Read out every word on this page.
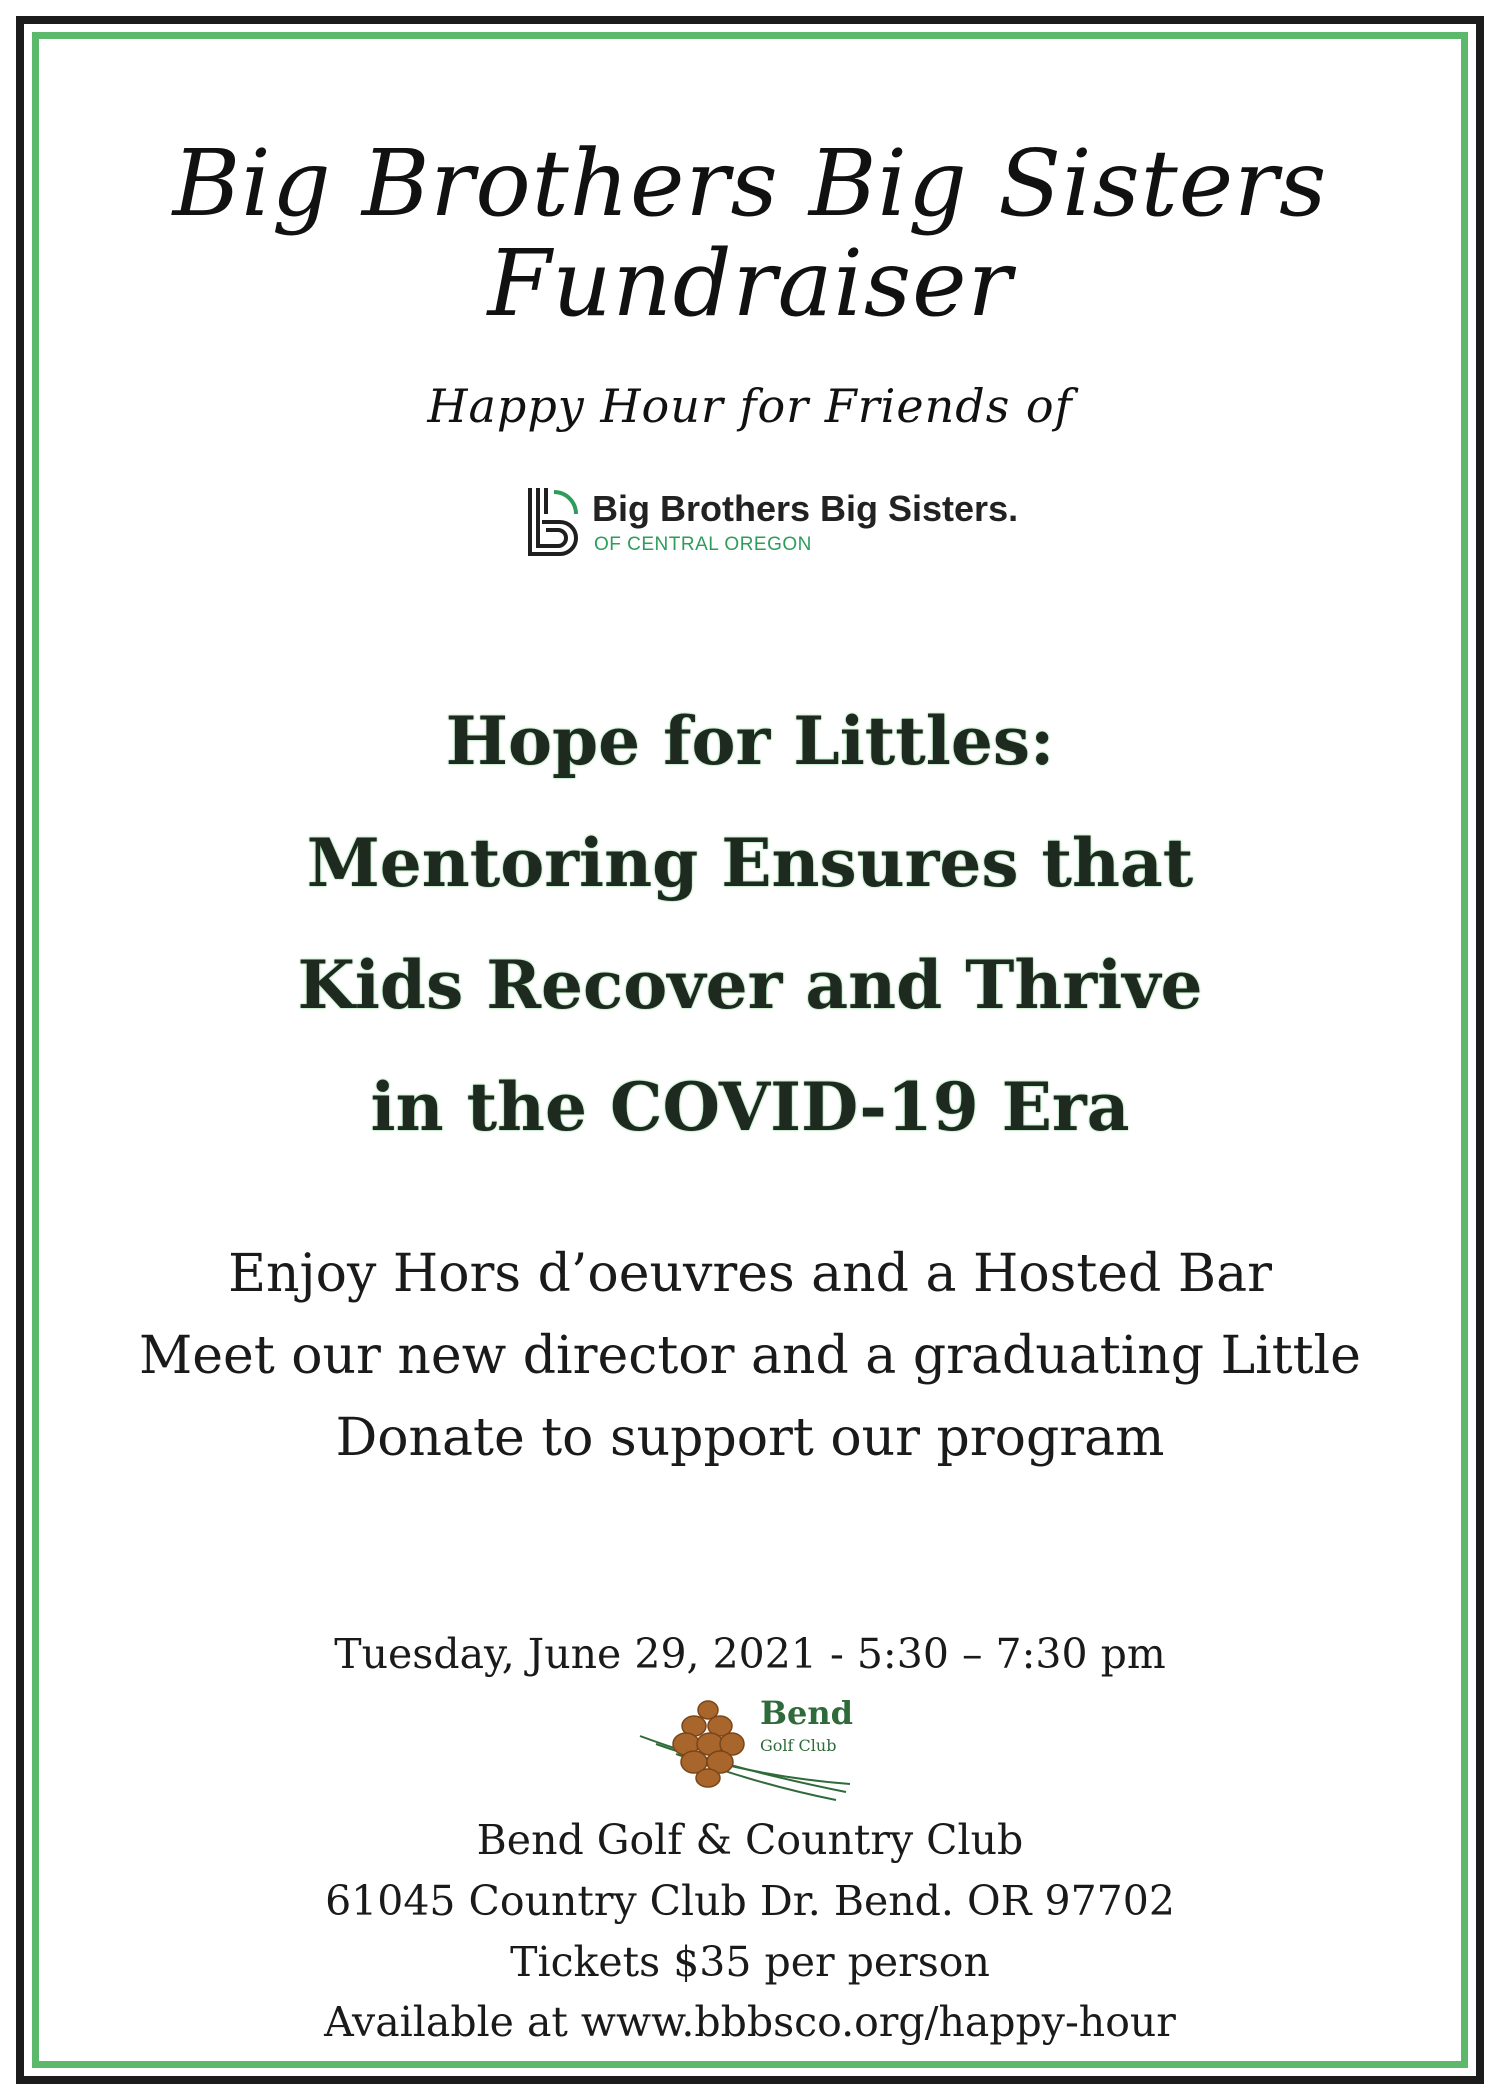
Big Brothers Big Sisters
Fundraiser
Happy Hour for Friends of
Big Brothers Big Sisters.
OF CENTRAL OREGON
Hope for Littles:
Mentoring Ensures that
Kids Recover and Thrive
in the COVID-19 Era
Enjoy Hors d’oeuvres and a Hosted Bar
Meet our new director and a graduating Little
Donate to support our program
Tuesday, June 29, 2021 - 5:30 – 7:30 pm
Bend
Golf Club
Bend Golf & Country Club
61045 Country Club Dr. Bend. OR 97702
Tickets $35 per person
Available at www.bbbsco.org/happy-hour
